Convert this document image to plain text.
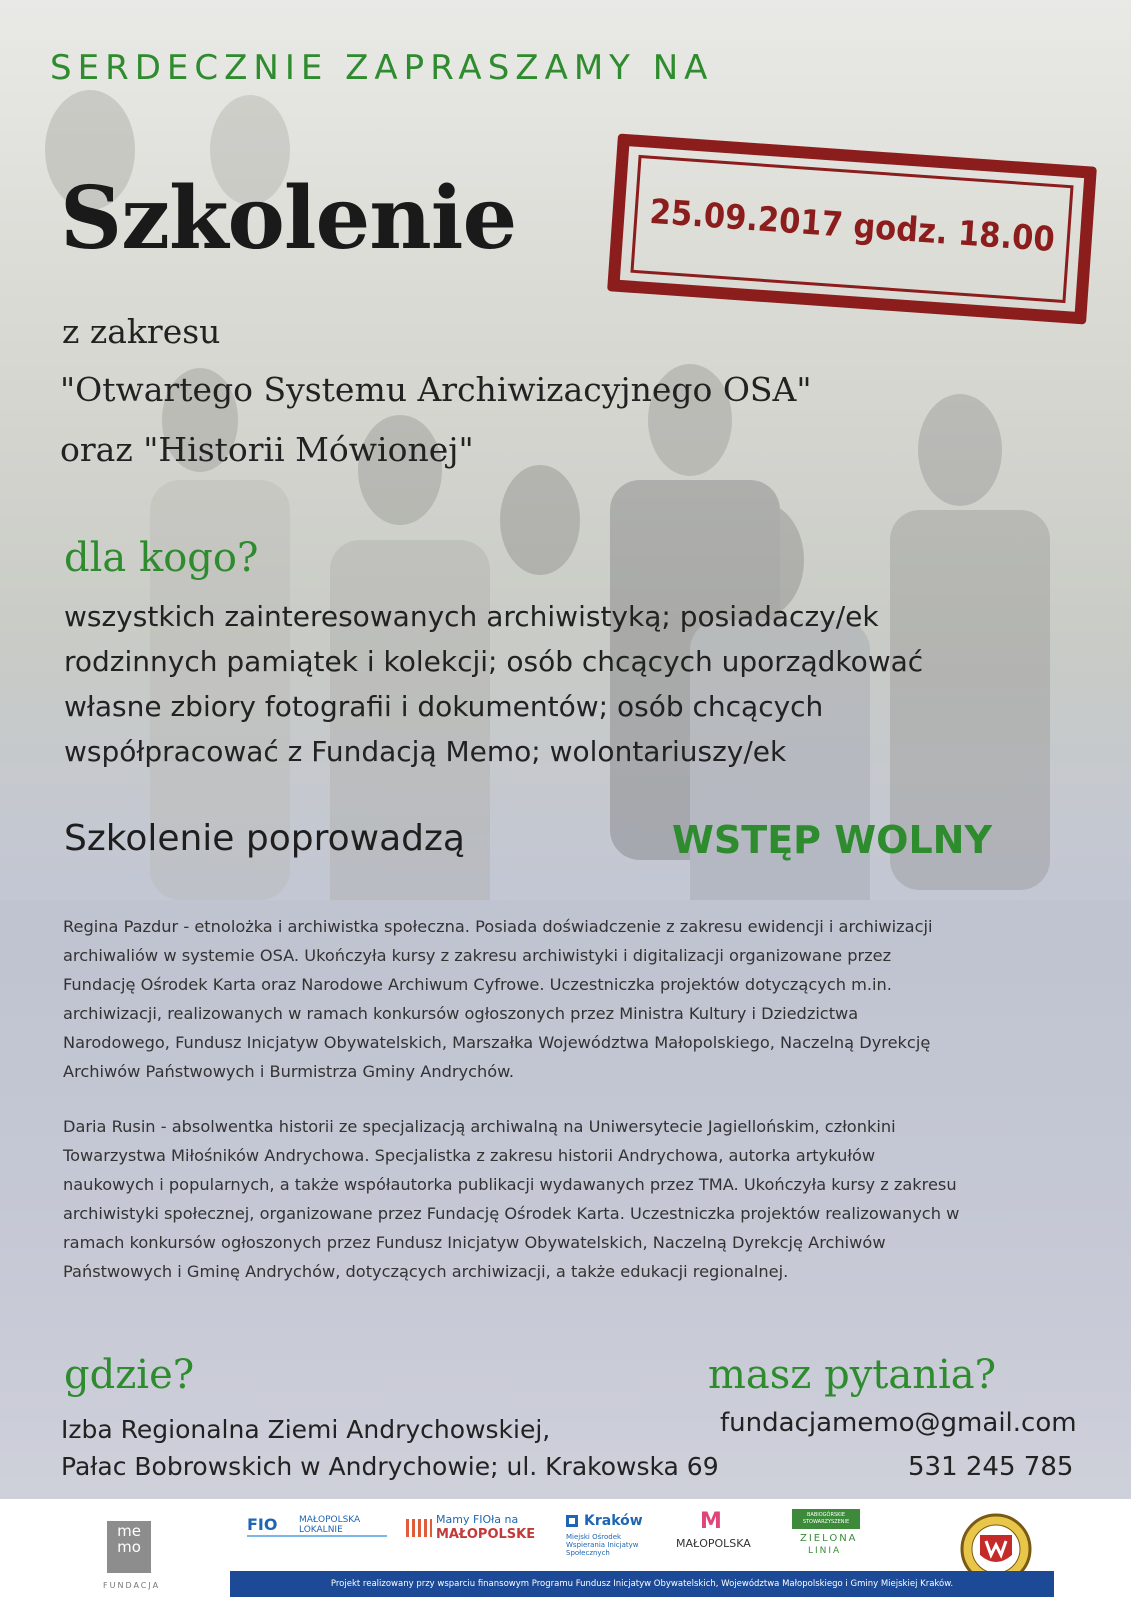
SERDECZNIE ZAPRASZAMY NA

Szkolenie	25.09.2017 godz. 18.00

z zakresu

"Otwartego Systemu Archiwizacyjnego OSA"

oraz "Historii Mówionej"

dla kogo?

wszystkich zainteresowanych archiwistyką; posiadaczy/ek

rodzinnych pamiątek i kolekcji; osób chcących uporządkować

własne zbiory fotografii i dokumentów; osób chcących

współpracować z Fundacją Memo; wolontariuszy/ek

Szkolenie poprowadzą	WSTĘP WOLNY

Regina Pazdur - etnolożka i archiwistka społeczna. Posiada doświadczenie z zakresu ewidencji i archiwizacji
archiwaliów w systemie OSA. Ukończyła kursy z zakresu archiwistyki i digitalizacji organizowane przez
Fundację Ośrodek Karta oraz Narodowe Archiwum Cyfrowe. Uczestniczka projektów dotyczących m.in.
archiwizacji, realizowanych w ramach konkursów ogłoszonych przez Ministra Kultury i Dziedzictwa
Narodowego, Fundusz Inicjatyw Obywatelskich, Marszałka Województwa Małopolskiego, Naczelną Dyrekcję
Archiwów Państwowych i Burmistrza Gminy Andrychów.
Daria Rusin - absolwentka historii ze specjalizacją archiwalną na Uniwersytecie Jagiellońskim, członkini
Towarzystwa Miłośników Andrychowa. Specjalistka z zakresu historii Andrychowa, autorka artykułów
naukowych i popularnych, a także współautorka publikacji wydawanych przez TMA. Ukończyła kursy z zakresu
archiwistyki społecznej, organizowane przez Fundację Ośrodek Karta. Uczestniczka projektów realizowanych w
ramach konkursów ogłoszonych przez Fundusz Inicjatyw Obywatelskich, Naczelną Dyrekcję Archiwów
Państwowych i Gminę Andrychów, dotyczących archiwizacji, a także edukacji regionalnej.

gdzie?	masz pytania?

Izba Regionalna Ziemi Andrychowskiej,

Pałac Bobrowskich w Andrychowie; ul. Krakowska 69

fundacjamemo@gmail.com

531 245 785

me mo
FUNDACJA
FIO MAŁOPOLSKA LOKALNIE
Mamy FIOła na
MAŁOPOLSKE
Kraków
Miejski Ośrodek Wspierania Inicjatyw Społecznych
M
MAŁOPOLSKA
BABIOGÓRSKIE STOWARZYSZENIE
ZIELONA
LINIA
Projekt realizowany przy wsparciu finansowym Programu Fundusz Inicjatyw Obywatelskich, Województwa Małopolskiego i Gminy Miejskiej Kraków.
